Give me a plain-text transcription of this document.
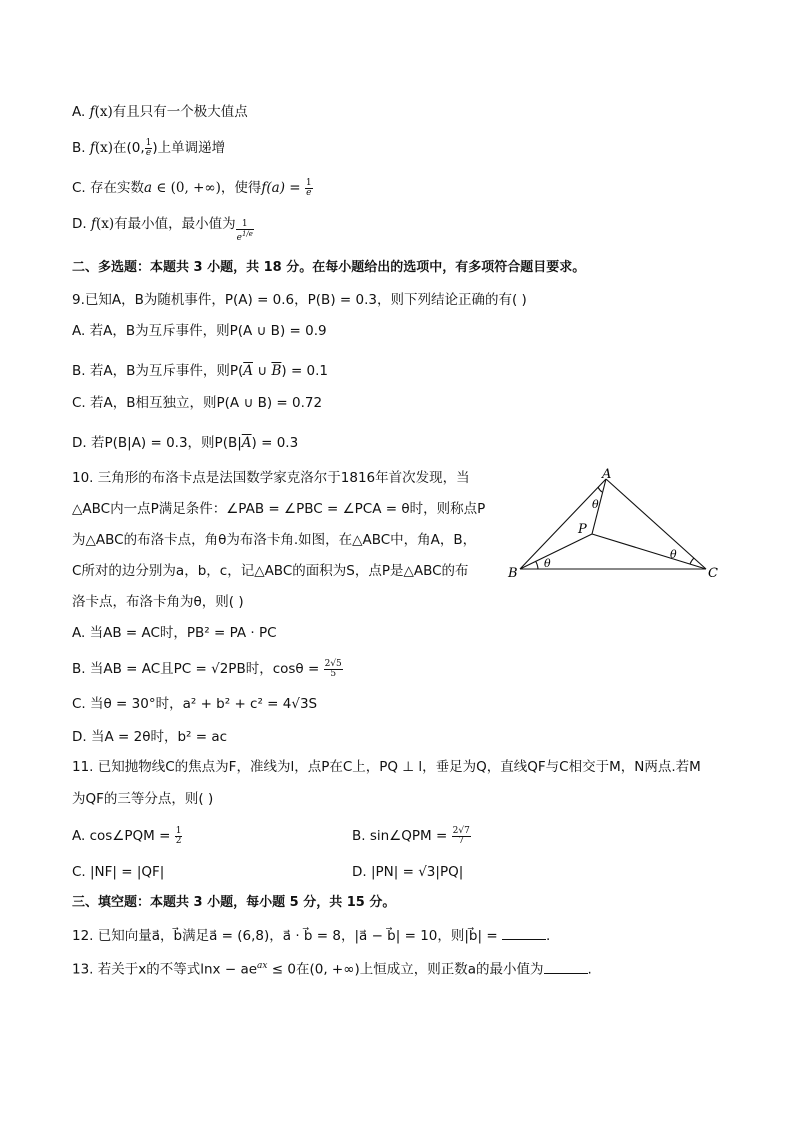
A. f(x)有且只有一个极大值点
B. f(x)在(0, $\frac{1}{e}$ )上单调递增
C. 存在实数a ∈ (0, +∞)，使得$f(a) = \frac{1}{e}$
D. f(x)有最小值，最小值为 $\frac{1}{e^{1/e}}$
二、多选题：本题共 3 小题，共 18 分。在每小题给出的选项中，有多项符合题目要求。
9.已知A，B为随机事件，P(A) = 0.6，P(B) = 0.3，则下列结论正确的有( )
A. 若A，B为互斥事件，则P(A ∪ B) = 0.9
B. 若A，B为互斥事件，则$P(\overline{A}$ ∪ $\overline{B}) = 0.1$
C. 若A，B相互独立，则P(A ∪ B) = 0.72
D. 若P(B|A) = 0.3，则$P(B|\overline{A}) = 0.3$
10. 三角形的布洛卡点是法国数学家克洛尔于1816年首次发现，当
△ABC内一点P满足条件：∠PAB = ∠PBC = ∠PCA = θ时，则称点P
为△ABC的布洛卡点，角θ为布洛卡角.如图，在△ABC中，角A，B，
C所对的边分别为a，b，c，记△ABC的面积为S，点P是△ABC的布
洛卡点，布洛卡角为θ，则( )
A
B	C
P
θ
θ
θ
A. 当AB = AC时，PB² = PA · PC
B. 当AB = AC且PC = √2PB时，$\cos\theta = \frac{2√5}{5}$
C. 当θ = 30°时，a² + b² + c² = 4√3S
D. 当A = 2θ时，b² = ac
11. 已知抛物线C的焦点为F，准线为l，点P在C上，PQ ⊥ l，垂足为Q，直线QF与C相交于M，N两点.若M
为QF的三等分点，则( )
A. cos∠PQM = $\frac{1}{2}$	B. sin∠QPM = $\frac{2√7}{7}$
C. |NF| = |QF|	D. |PN| = √3|PQ|
三、填空题：本题共 3 小题，每小题 5 分，共 15 分。
12. 已知向量a⃗，b⃗满足a⃗ = (6,8)，a⃗ · b⃗ = 8，|a⃗ − b⃗| = 10，则|b⃗| =	.
13. 若关于x的不等式$\ln x - ae^{ax} \le 0$在(0, +∞)上恒成立，则正数a的最小值为	.
